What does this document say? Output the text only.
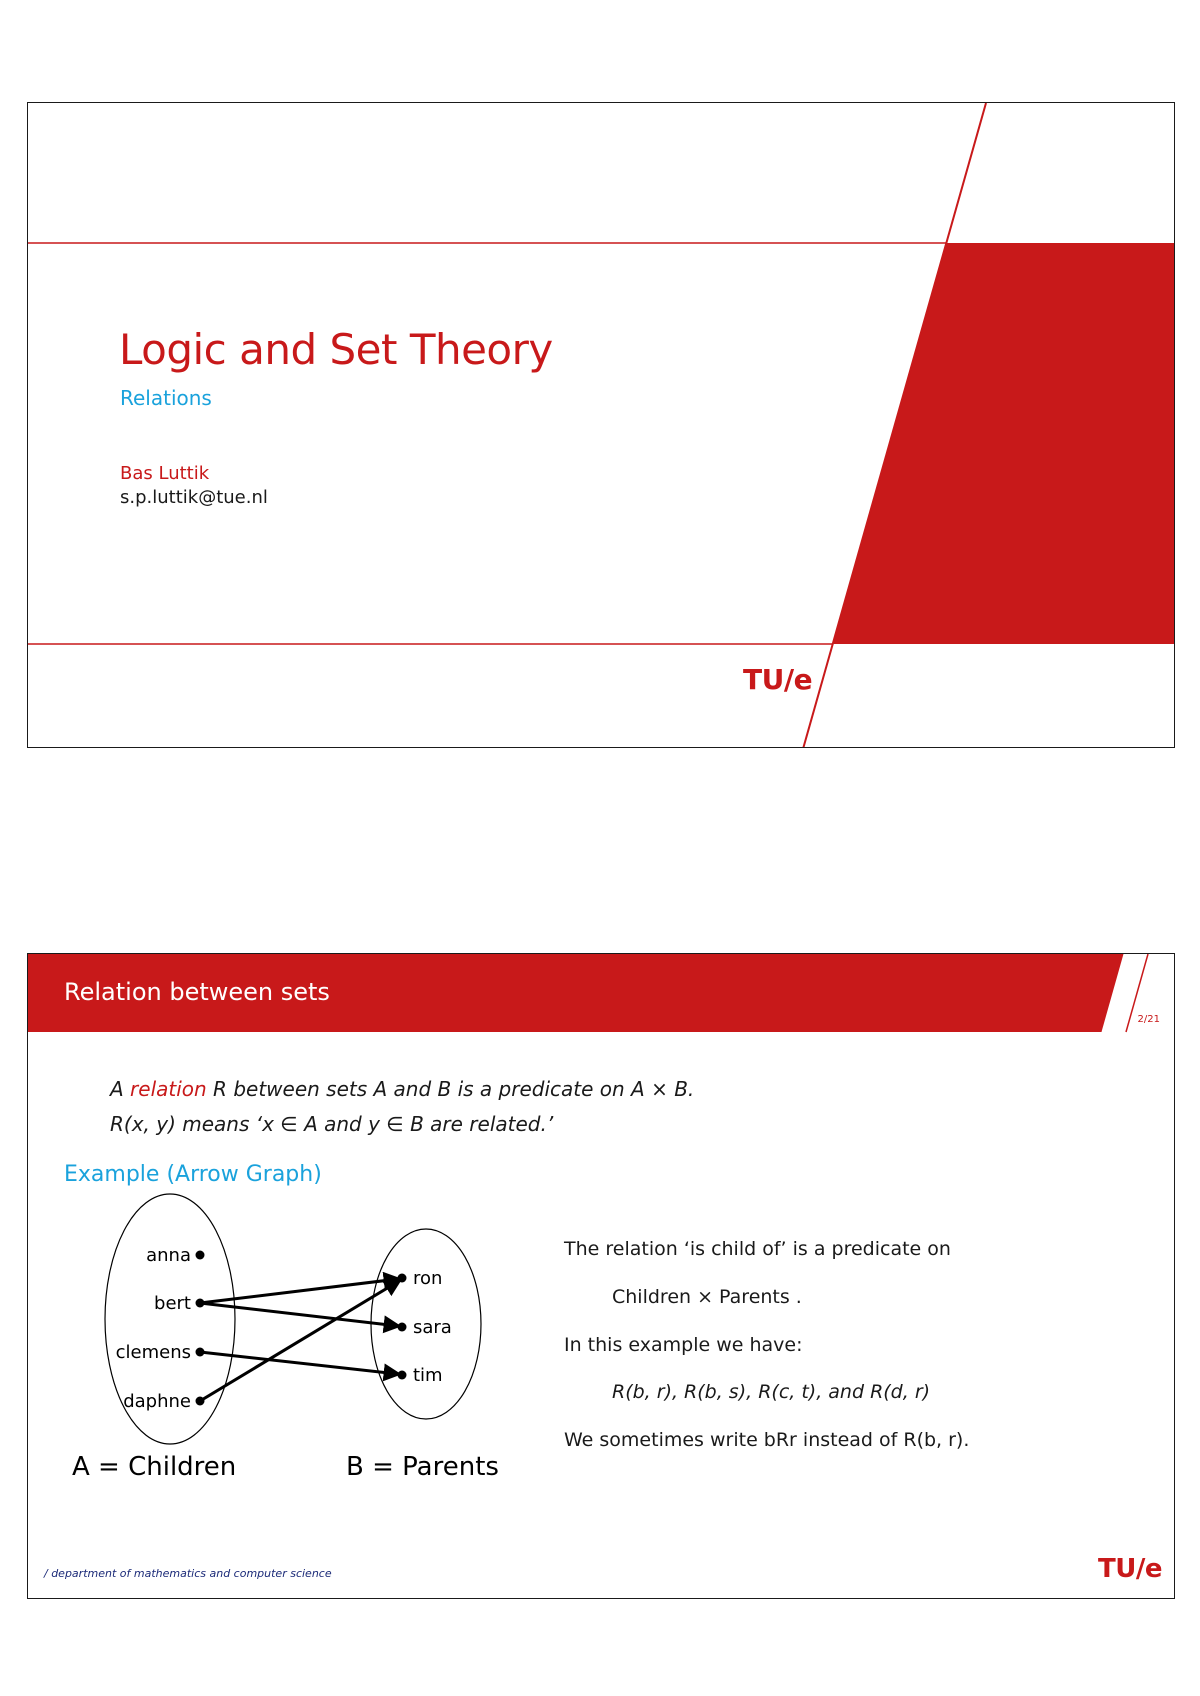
Logic and Set Theory
Relations
Bas Luttik
s.p.luttik@tue.nl
TU/e
Relation between sets
2/21
A relation R between sets A and B is a predicate on A × B.
R(x, y) means ‘x ∈ A and y ∈ B are related.’
Example (Arrow Graph)
anna
bert
clemens
daphne
ron
sara
tim
A = Children	B = Parents
The relation ‘is child of’ is a predicate on
Children × Parents .
In this example we have:
R(b, r), R(b, s), R(c, t), and R(d, r)
We sometimes write bRr instead of R(b, r).
/ department of mathematics and computer science	TU/e
